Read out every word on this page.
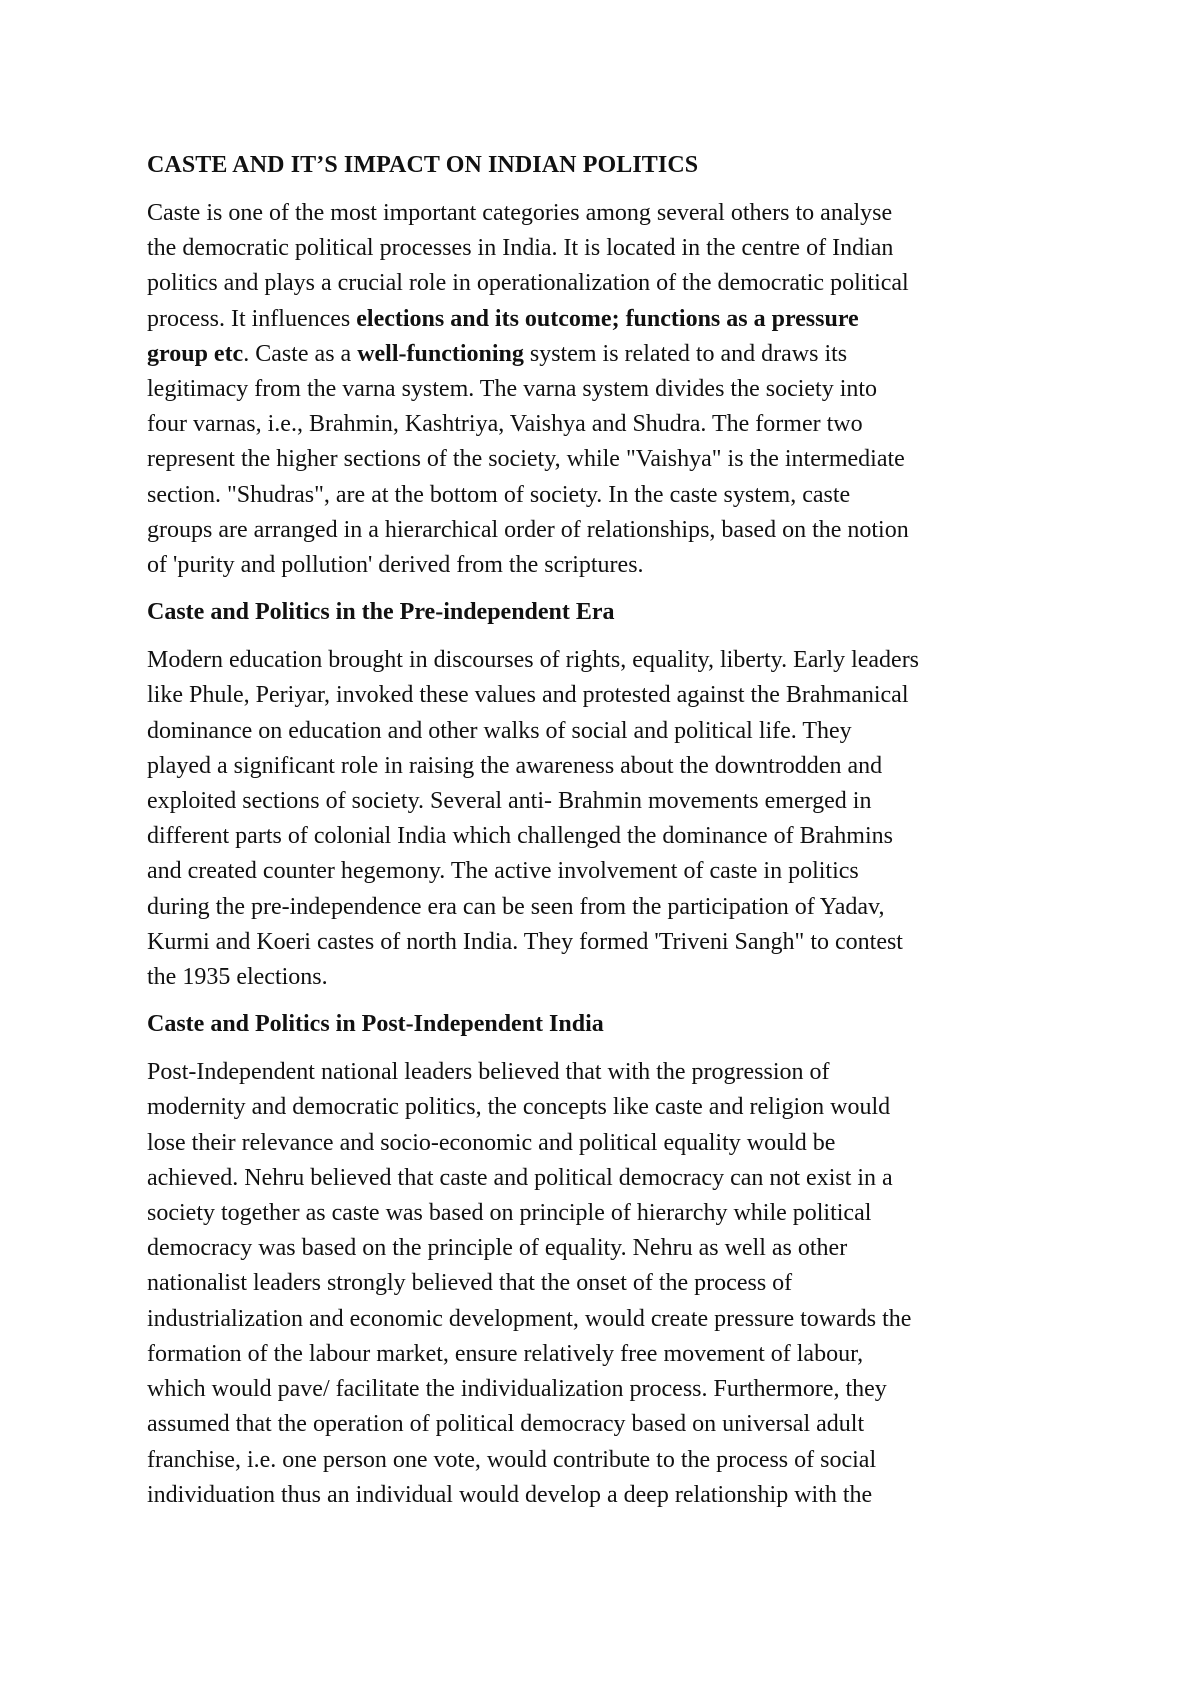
CASTE AND IT’S IMPACT ON INDIAN POLITICS
Caste is one of the most important categories among several others to analyse
the democratic political processes in India. It is located in the centre of Indian
politics and plays a crucial role in operationalization of the democratic political
process. It influences elections and its outcome; functions as a pressure
group etc. Caste as a well-functioning system is related to and draws its
legitimacy from the varna system. The varna system divides the society into
four varnas, i.e., Brahmin, Kashtriya, Vaishya and Shudra. The former two
represent the higher sections of the society, while "Vaishya" is the intermediate
section. "Shudras", are at the bottom of society. In the caste system, caste
groups are arranged in a hierarchical order of relationships, based on the notion
of 'purity and pollution' derived from the scriptures.
Caste and Politics in the Pre-independent Era
Modern education brought in discourses of rights, equality, liberty. Early leaders
like Phule, Periyar, invoked these values and protested against the Brahmanical
dominance on education and other walks of social and political life. They
played a significant role in raising the awareness about the downtrodden and
exploited sections of society. Several anti- Brahmin movements emerged in
different parts of colonial India which challenged the dominance of Brahmins
and created counter hegemony. The active involvement of caste in politics
during the pre-independence era can be seen from the participation of Yadav,
Kurmi and Koeri castes of north India. They formed 'Triveni Sangh" to contest
the 1935 elections.
Caste and Politics in Post-Independent India
Post-Independent national leaders believed that with the progression of
modernity and democratic politics, the concepts like caste and religion would
lose their relevance and socio-economic and political equality would be
achieved. Nehru believed that caste and political democracy can not exist in a
society together as caste was based on principle of hierarchy while political
democracy was based on the principle of equality. Nehru as well as other
nationalist leaders strongly believed that the onset of the process of
industrialization and economic development, would create pressure towards the
formation of the labour market, ensure relatively free movement of labour,
which would pave/ facilitate the individualization process. Furthermore, they
assumed that the operation of political democracy based on universal adult
franchise, i.e. one person one vote, would contribute to the process of social
individuation thus an individual would develop a deep relationship with the
